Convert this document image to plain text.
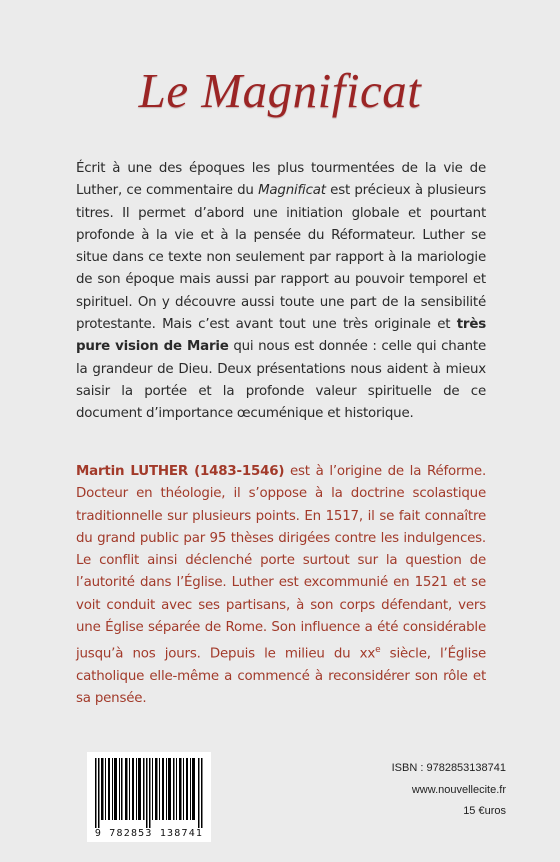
Le Magnificat
Écrit à une des époques les plus tourmentées de la vie de Luther, ce commentaire du Magnificat est précieux à plusieurs titres. Il permet d’abord une initiation globale et pourtant profonde à la vie et à la pensée du Réformateur. Luther se situe dans ce texte non seulement par rapport à la mariologie de son époque mais aussi par rapport au pouvoir temporel et spirituel. On y découvre aussi toute une part de la sensibilité protestante. Mais c’est avant tout une très originale et très pure vision de Marie qui nous est donnée : celle qui chante la grandeur de Dieu. Deux présentations nous aident à mieux saisir la portée et la profonde valeur spirituelle de ce document d’importance œcuménique et historique.
Martin LUTHER (1483-1546) est à l’origine de la Réforme. Docteur en théologie, il s’oppose à la doctrine scolastique traditionnelle sur plusieurs points. En 1517, il se fait connaître du grand public par 95 thèses dirigées contre les indulgences. Le conflit ainsi déclenché porte surtout sur la question de l’autorité dans l’Église. Luther est excommunié en 1521 et se voit conduit avec ses partisans, à son corps défendant, vers une Église séparée de Rome. Son influence a été considérable jusqu’à nos jours. Depuis le milieu du $xx^e$ siècle, l’Église catholique elle-même a commencé à reconsidérer son rôle et sa pensée.
9 782853 138741
ISBN : 9782853138741
www.nouvellecite.fr
15 €uros
